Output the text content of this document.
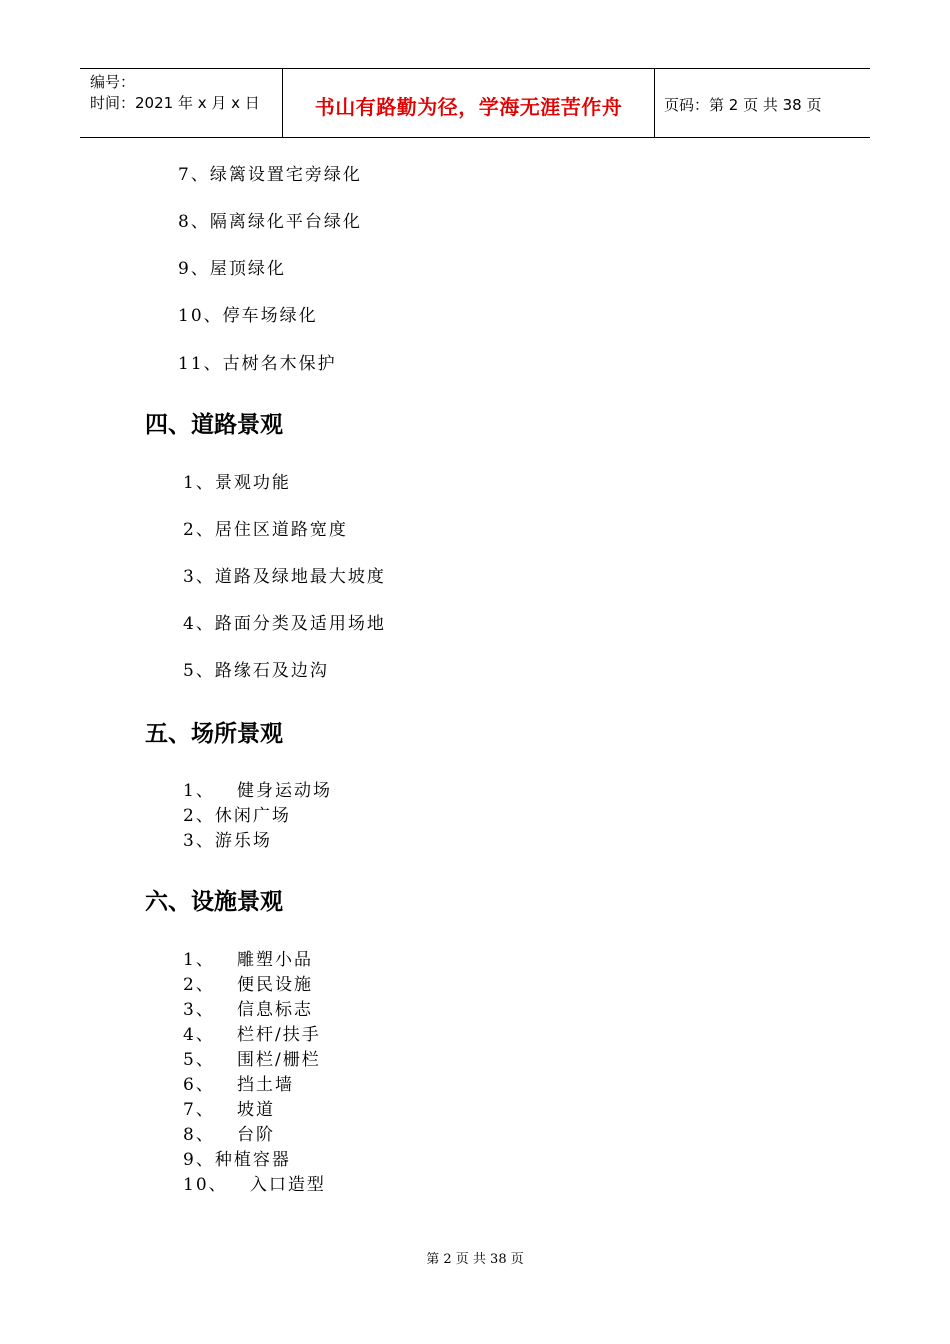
编号：
时间：2021 年 x 月 x 日	书山有路勤为径，学海无涯苦作舟	页码：第 2 页 共 38 页
7、绿篱设置宅旁绿化
8、隔离绿化平台绿化
9、屋顶绿化
10、停车场绿化
11、古树名木保护
四、道路景观
1、景观功能
2、居住区道路宽度
3、道路及绿地最大坡度
4、路面分类及适用场地
5、路缘石及边沟
五、场所景观
1、   健身运动场
2、休闲广场
3、游乐场
六、设施景观
1、   雕塑小品
2、   便民设施
3、   信息标志
4、   栏杆/扶手
5、   围栏/栅栏
6、   挡土墙
7、   坡道
8、   台阶
9、种植容器
10、   入口造型
第 2 页 共 38 页
